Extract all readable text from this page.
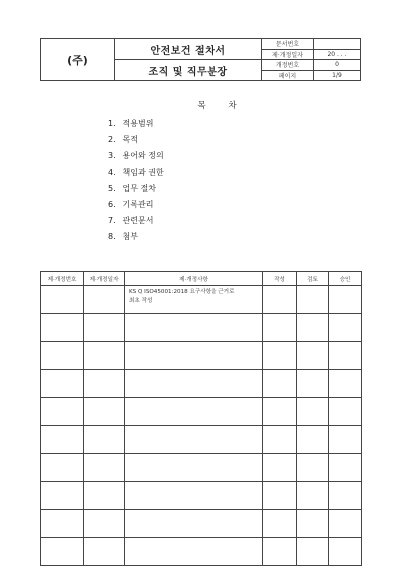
(주)	안전보건 절차서	문서번호	
		제·개정일자	20 . . .
	조직 및 직무분장	개정번호	0
		페이지	1/9
목 차
1. 적용범위
2. 목적
3. 용어와 정의
4. 책임과 권한
5. 업무 절차
6. 기록관리
7. 관련문서
8. 첨부
제·개정번호	제·개정일자	제·개정사항	작성	검토	승인
		KS Q ISO45001:2018 요구사항을 근거로
최초 작성			
